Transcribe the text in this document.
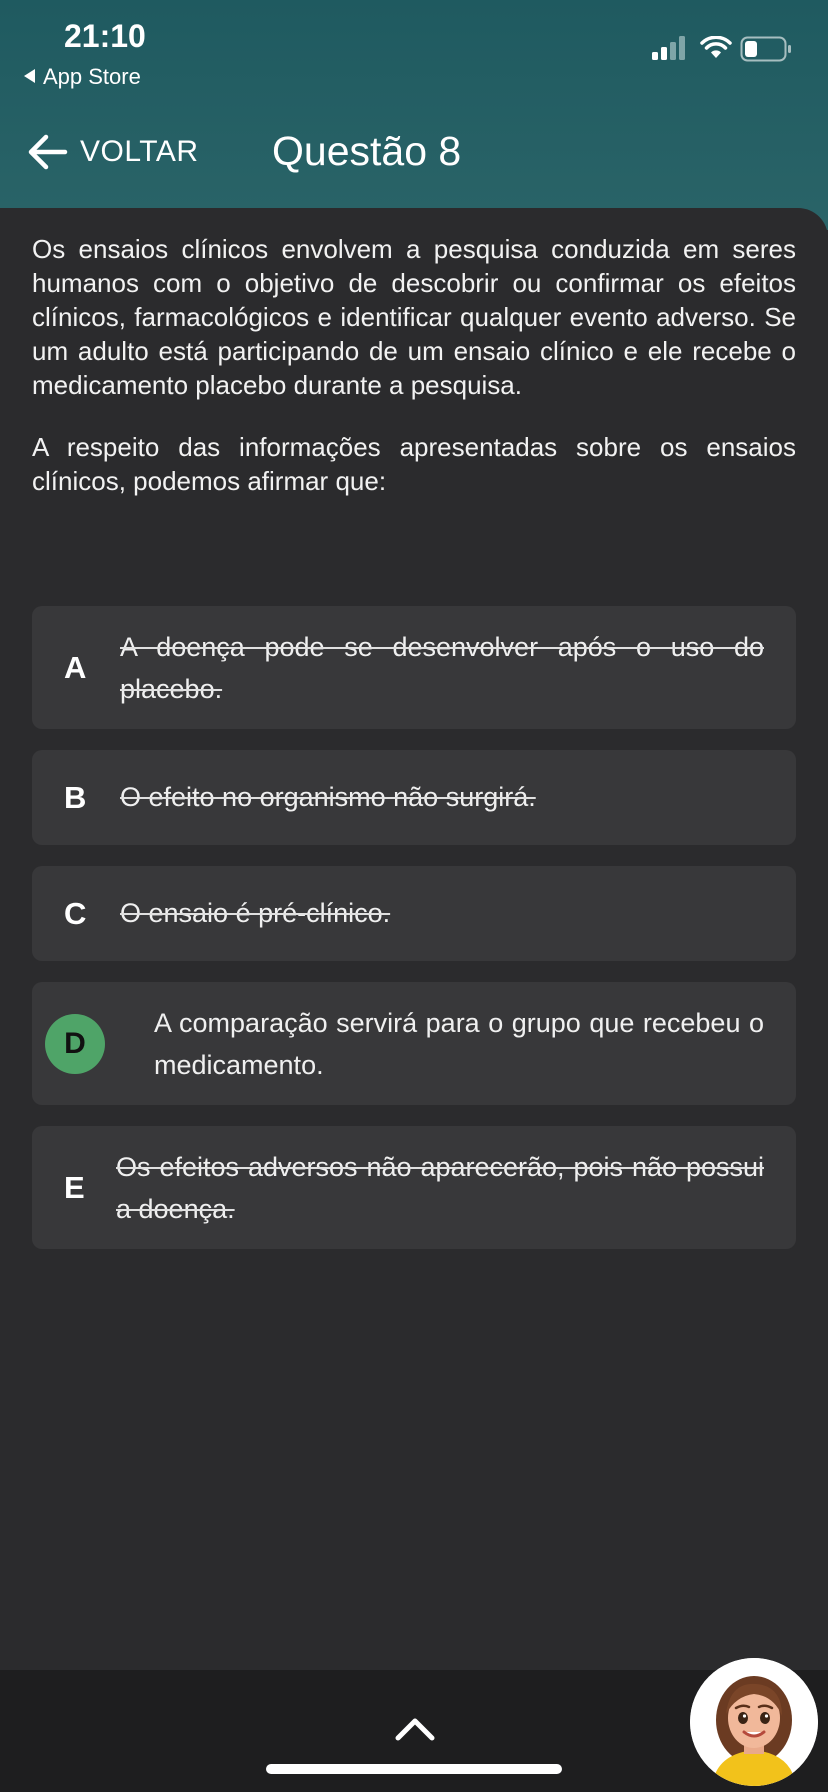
21:10
App Store
VOLTAR Questão 8

Os ensaios clínicos envolvem a pesquisa conduzida em seres humanos com o objetivo de descobrir ou confirmar os efeitos clínicos, farmacológicos e identificar qualquer evento adverso. Se um adulto está participando de um ensaio clínico e ele recebe o medicamento placebo durante a pesquisa.

A respeito das informações apresentadas sobre os ensaios clínicos, podemos afirmar que:

A
A doença pode se desenvolver após o uso do placebo.
B O efeito no organismo não surgirá.
C O ensaio é pré-clínico.
D
A comparação servirá para o grupo que recebeu o medicamento.
E
Os efeitos adversos não aparecerão, pois não possui a doença.
